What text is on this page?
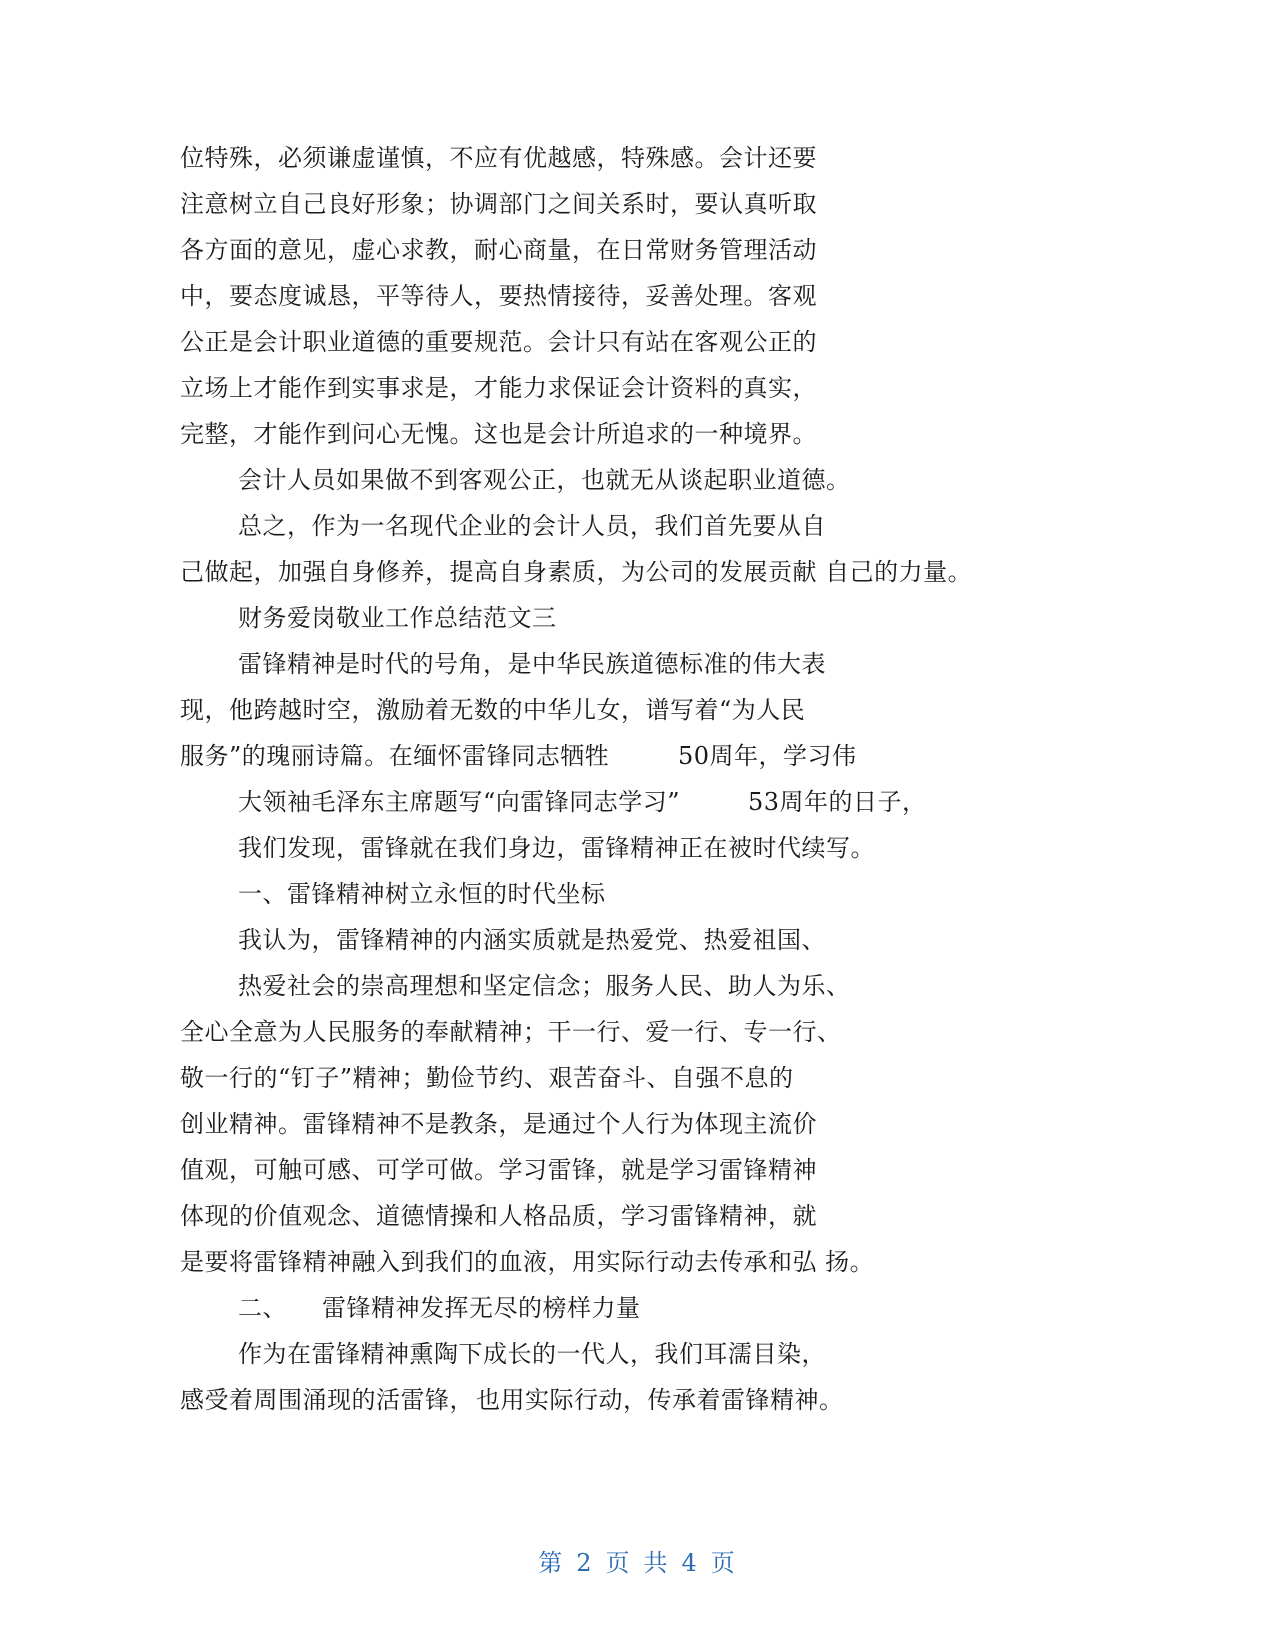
位特殊，必须谦虚谨慎，不应有优越感，特殊感。会计还要
注意树立自己良好形象；协调部门之间关系时，要认真听取
各方面的意见，虚心求教，耐心商量，在日常财务管理活动
中，要态度诚恳，平等待人，要热情接待，妥善处理。客观
公正是会计职业道德的重要规范。会计只有站在客观公正的
立场上才能作到实事求是，才能力求保证会计资料的真实，
完整，才能作到问心无愧。这也是会计所追求的一种境界。
会计人员如果做不到客观公正，也就无从谈起职业道德。
总之，作为一名现代企业的会计人员，我们首先要从自
己做起，加强自身修养，提高自身素质，为公司的发展贡献 自己的力量。
财务爱岗敬业工作总结范文三
雷锋精神是时代的号角，是中华民族道德标准的伟大表
现，他跨越时空，激励着无数的中华儿女，谱写着“为人民
服务”的瑰丽诗篇。在缅怀雷锋同志牺牲	50周年，学习伟
大领袖毛泽东主席题写“向雷锋同志学习”	53周年的日子，
我们发现，雷锋就在我们身边，雷锋精神正在被时代续写。
一、雷锋精神树立永恒的时代坐标
我认为，雷锋精神的内涵实质就是热爱党、热爱祖国、
热爱社会的崇高理想和坚定信念；服务人民、助人为乐、
全心全意为人民服务的奉献精神；干一行、爱一行、专一行、
敬一行的“钉子”精神；勤俭节约、艰苦奋斗、自强不息的
创业精神。雷锋精神不是教条，是通过个人行为体现主流价
值观，可触可感、可学可做。学习雷锋，就是学习雷锋精神
体现的价值观念、道德情操和人格品质，学习雷锋精神，就
是要将雷锋精神融入到我们的血液，用实际行动去传承和弘 扬。
二、 雷锋精神发挥无尽的榜样力量
作为在雷锋精神熏陶下成长的一代人，我们耳濡目染，
感受着周围涌现的活雷锋， 也用实际行动，传承着雷锋精神。
第 2 页 共 4 页
